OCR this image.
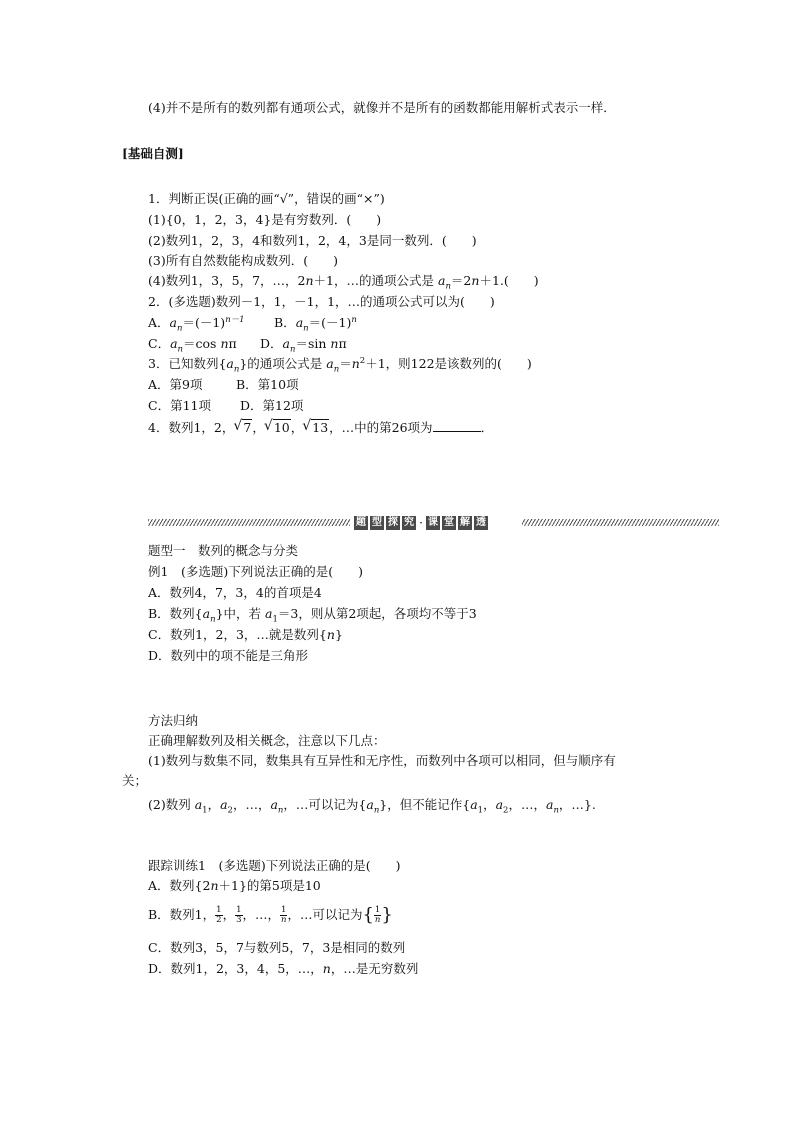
(4)并不是所有的数列都有通项公式，就像并不是所有的函数都能用解析式表示一样．
[基础自测]
1．判断正误(正确的画“√”，错误的画“×”)
(1){0，1，2，3，4}是有穷数列．(　　)
(2)数列1，2，3，4和数列1，2，4，3是同一数列．(　　)
(3)所有自然数能构成数列．(　　)
(4)数列1，3，5，7，…，2n＋1，…的通项公式是 $a_n=2n+1$.(　　)
2．(多选题)数列－1，1，－1，1，…的通项公式可以为(　　)
A．$a_n=(-1)^{n-1}$ B．$a_n=(-1)^n$
C．$a_n=\cos$ nπ D．$a_n=\sin$ nπ
3．已知数列$\{a_n\}$的通项公式是 $a_n=n^2+1$，则122是该数列的(　　)
A．第9项	B．第10项
C．第11项 D．第12项
4．数列1，2， √ 7， √ 10， √ 13，…中的第26项为	．
题 型 探 究 · 课 堂 解 透
题型一　数列的概念与分类
例1　(多选题)下列说法正确的是(　　)
A．数列4，7，3，4的首项是4
B．数列$\{a_n\}$中，若 $a_1=3$，则从第2项起，各项均不等于3
C．数列1，2，3，…就是数列{n}
D．数列中的项不能是三角形
方法归纳
正确理解数列及相关概念，注意以下几点：
(1)数列与数集不同，数集具有互异性和无序性，而数列中各项可以相同，但与顺序有
关；
(2)数列 $a_1$，$a_2$，…，$a_n$，…可以记为$\{a_n\}$，但不能记作{$a_1$，$a_2$，…，$a_n$，…}.
跟踪训练1　(多选题)下列说法正确的是(　　)
A．数列{2n＋1}的第5项是10
B．数列1， $\frac{1}{2}$ ， $\frac{1}{3}$ ，…， $\frac{1}{n}$ ，…可以记为{ $\frac{1}{n}$ }
C．数列3，5，7与数列5，7，3是相同的数列
D．数列1，2，3，4，5，…，n，…是无穷数列
